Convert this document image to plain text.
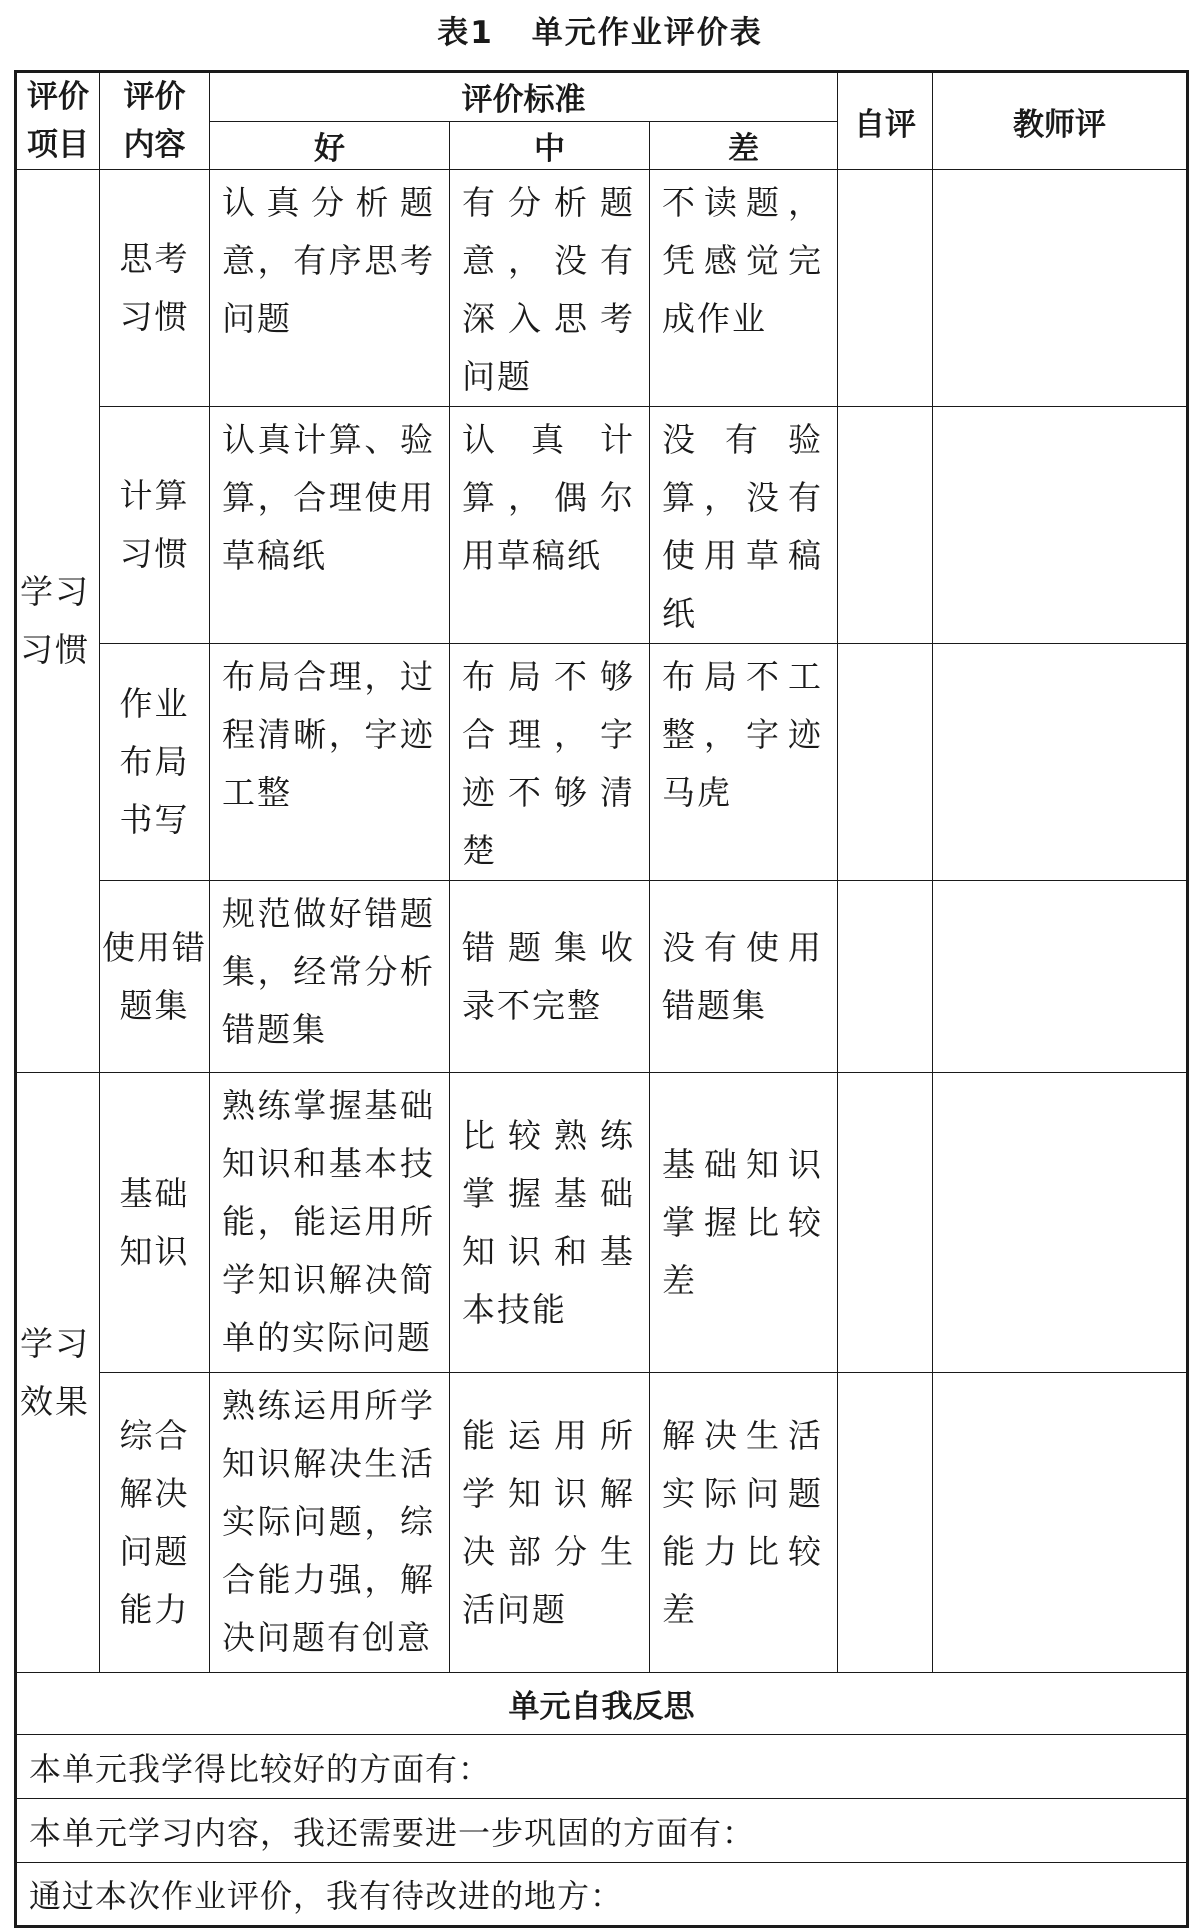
表1 单元作业评价表
评价项目	评价内容	评价标准			自评	教师评
		好	中	差		
学习习惯	思考习惯	认真分析题意，有序思考问题	有分析题意，没有深入思考问题	不读题，凭感觉完成作业		
	计算习惯	认真计算、验算，合理使用草稿纸	认真计算，偶尔用草稿纸	没有验算，没有使用草稿纸		
	作业布局书写	布局合理，过程清晰，字迹工整	布局不够合理，字迹不够清楚	布局不工整，字迹马虎		
	使用错题集	规范做好错题集，经常分析错题集	错题集收录不完整	没有使用错题集		
学习效果	基础知识	熟练掌握基础知识和基本技能，能运用所学知识解决简单的实际问题	比较熟练掌握基础知识和基本技能	基础知识掌握比较差		
	综合解决问题能力	熟练运用所学知识解决生活实际问题，综合能力强，解决问题有创意	能运用所学知识解决部分生活问题	解决生活实际问题能力比较差		
单元自我反思						
本单元我学得比较好的方面有：						
本单元学习内容，我还需要进一步巩固的方面有：						
通过本次作业评价，我有待改进的地方：						
